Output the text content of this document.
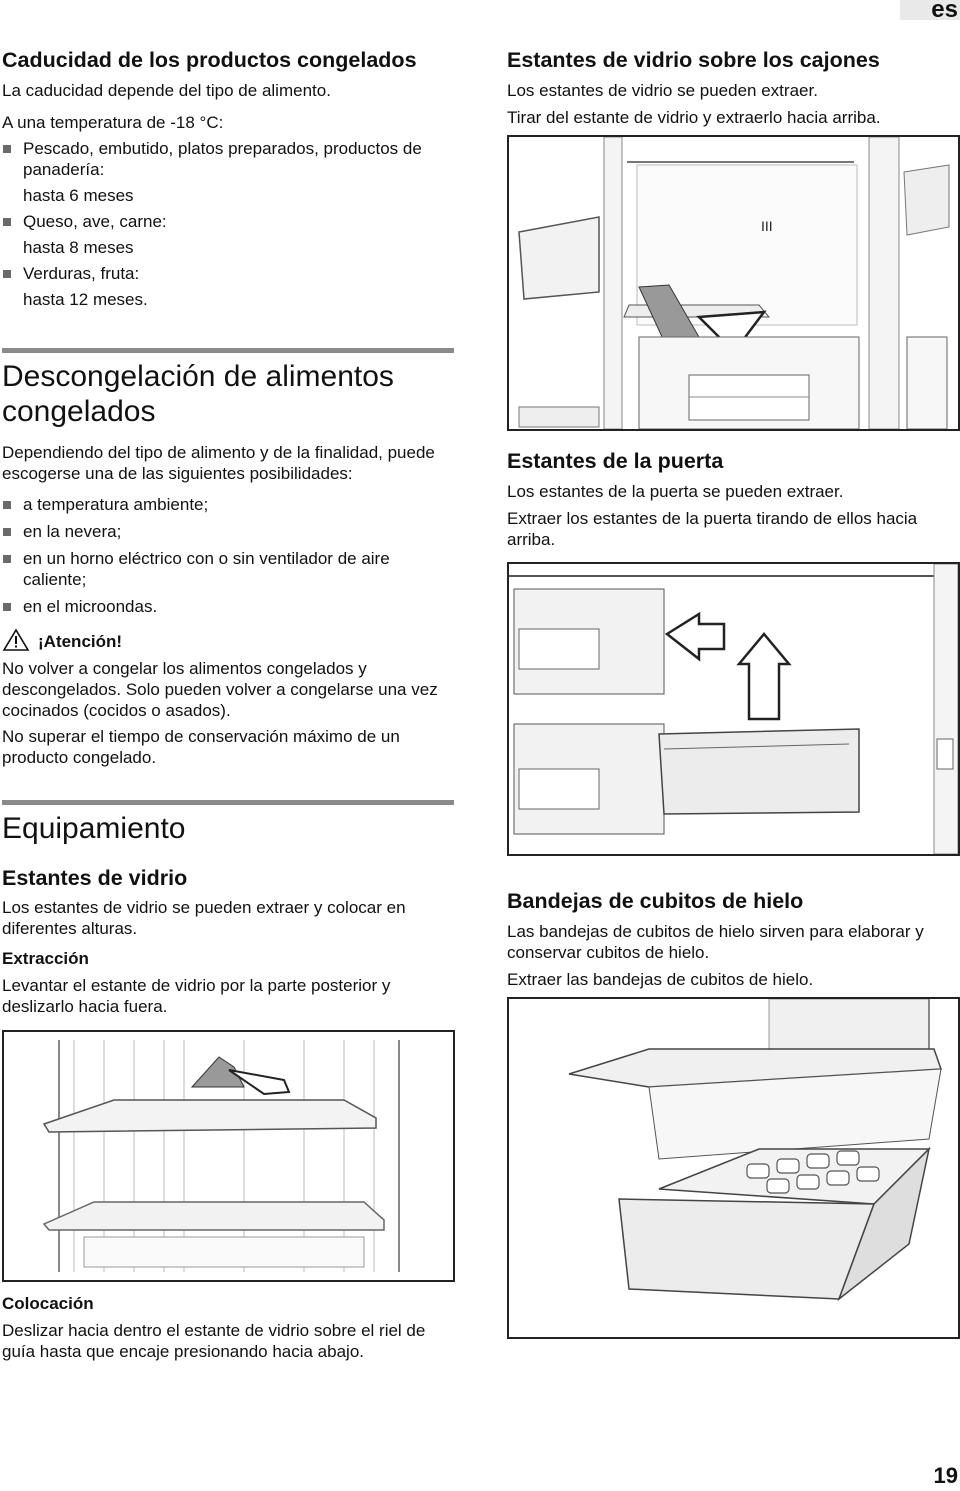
es
Caducidad de los productos congelados

La caducidad depende del tipo de alimento.

A una temperatura de -18 °C:

Pescado, embutido, platos preparados, productos de panadería:
hasta 6 meses
Queso, ave, carne:
hasta 8 meses
Verduras, fruta:
hasta 12 meses.
Descongelación de alimentos congelados

Dependiendo del tipo de alimento y de la finalidad, puede escogerse una de las siguientes posibilidades:

a temperatura ambiente;
en la nevera;
en un horno eléctrico con o sin ventilador de aire caliente;
en el microondas.
¡Atención!

No volver a congelar los alimentos congelados y descongelados. Solo pueden volver a congelarse una vez cocinados (cocidos o asados).

No superar el tiempo de conservación máximo de un producto congelado.

Equipamiento
Estantes de vidrio

Los estantes de vidrio se pueden extraer y colocar en diferentes alturas.

Extracción

Levantar el estante de vidrio por la parte posterior y deslizarlo hacia fuera.

Colocación

Deslizar hacia dentro el estante de vidrio sobre el riel de guía hasta que encaje presionando hacia abajo.

Estantes de vidrio sobre los cajones

Los estantes de vidrio se pueden extraer.

Tirar del estante de vidrio y extraerlo hacia arriba.

III
Estantes de la puerta

Los estantes de la puerta se pueden extraer.

Extraer los estantes de la puerta tirando de ellos hacia arriba.

Bandejas de cubitos de hielo

Las bandejas de cubitos de hielo sirven para elaborar y conservar cubitos de hielo.

Extraer las bandejas de cubitos de hielo.

19
